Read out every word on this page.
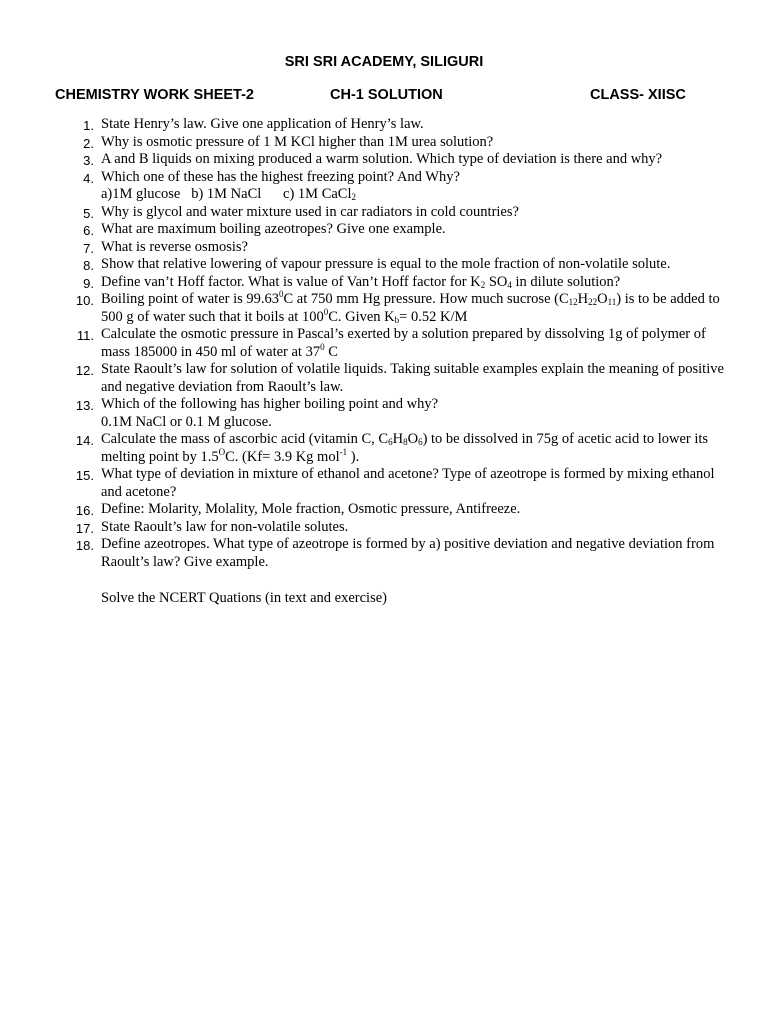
SRI SRI ACADEMY, SILIGURI
CHEMISTRY WORK SHEET-2	CH-1 SOLUTION	CLASS- XIISC
1. State Henry’s law. Give one application of Henry’s law.
2. Why is osmotic pressure of 1 M KCl higher than 1M urea solution?
3. A and B liquids on mixing produced a warm solution. Which type of deviation is there and why?
4. Which one of these has the highest freezing point? And Why?
a)1M glucose b) 1M NaCl c) 1M CaCl$_2$
5. Why is glycol and water mixture used in car radiators in cold countries?
6. What are maximum boiling azeotropes? Give one example.
7. What is reverse osmosis?
8. Show that relative lowering of vapour pressure is equal to the mole fraction of non-volatile solute.
9. Define van’t Hoff factor. What is value of Van’t Hoff factor for $K_2$ $SO_4$ in dilute solution?
10. Boiling point of water is 99.63$^0$C at 750 mm Hg pressure. How much sucrose $(C_{12}H_{22}O_{11})$ is to be added to 500 g of water such that it boils at $100^0C$. Given $K_b= 0.52$ K/M
11. Calculate the osmotic pressure in Pascal’s exerted by a solution prepared by dissolving 1g of polymer of mass 185000 in 450 ml of water at $37^0$ C
12. State Raoult’s law for solution of volatile liquids. Taking suitable examples explain the meaning of positive and negative deviation from Raoult’s law.
13. Which of the following has higher boiling point and why?
0.1M NaCl or 0.1 M glucose.
14. Calculate the mass of ascorbic acid (vitamin C, $C_6H_8O_6$) to be dissolved in 75g of acetic acid to lower its melting point by $1.5^OC$. (Kf= 3.9 Kg mol$^{-1}$ ).
15. What type of deviation in mixture of ethanol and acetone? Type of azeotrope is formed by mixing ethanol and acetone?
16. Define: Molarity, Molality, Mole fraction, Osmotic pressure, Antifreeze.
17. State Raoult’s law for non-volatile solutes.
18. Define azeotropes. What type of azeotrope is formed by a) positive deviation and negative deviation from Raoult’s law? Give example.
Solve the NCERT Quations (in text and exercise)
